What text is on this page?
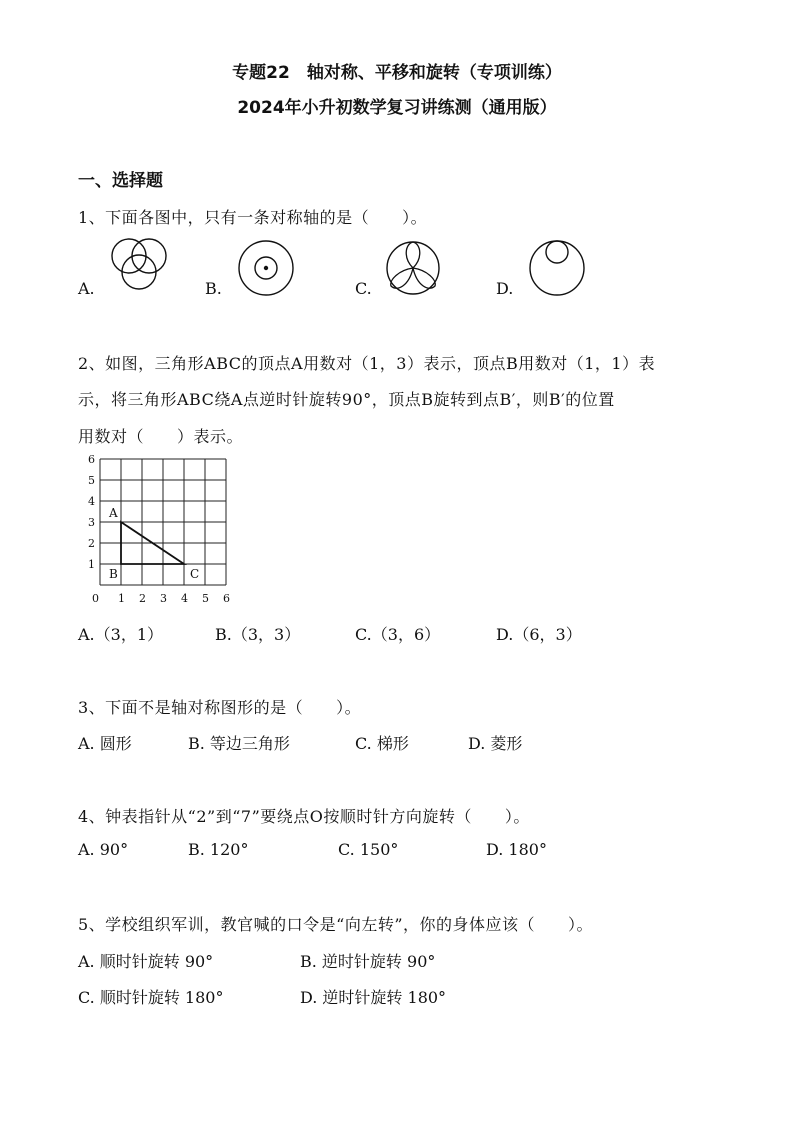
专题22　轴对称、平移和旋转（专项训练）
2024年小升初数学复习讲练测（通用版）
一、选择题
1、下面各图中，只有一条对称轴的是（　　）。
A.	B.	C.	D.
2、如图，三角形ABC的顶点A用数对（1，3）表示，顶点B用数对（1，1）表
示，将三角形ABC绕A点逆时针旋转90°，顶点B旋转到点B′，则B′的位置
用数对（　　）表示。
0 1 2 3 4 5 6
1
2
3
4
5
6
A
B	C
A.（3，1）	B.（3，3）	C.（3，6）	D.（6，3）
3、下面不是轴对称图形的是（　　）。
A. 圆形	B. 等边三角形	C. 梯形	D. 菱形
4、钟表指针从“2”到“7”要绕点O按顺时针方向旋转（　　）。
A. 90°	B. 120°	C. 150°	D. 180°
5、学校组织军训，教官喊的口令是“向左转”，你的身体应该（　　）。
A. 顺时针旋转 90°	B. 逆时针旋转 90°
C. 顺时针旋转 180°	D. 逆时针旋转 180°
